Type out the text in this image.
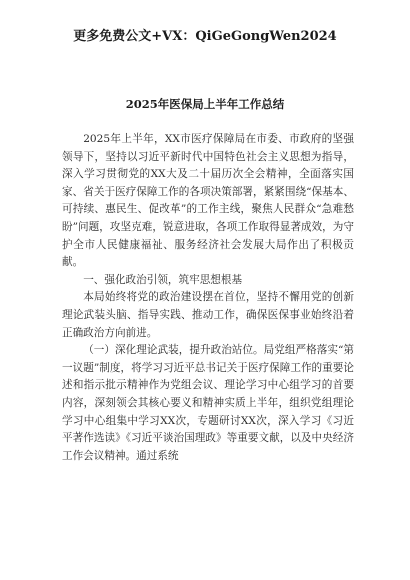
更多免费公文+VX：QiGeGongWen2024
2025年医保局上半年工作总结

2025年上半年，XX市医疗保障局在市委、市政府的坚强领导下，坚持以习近平新时代中国特色社会主义思想为指导，深入学习贯彻党的XX大及二十届历次全会精神，全面落实国家、省关于医疗保障工作的各项决策部署，紧紧围绕“保基本、可持续、惠民生、促改革”的工作主线，聚焦人民群众“急难愁盼”问题，攻坚克难，锐意进取，各项工作取得显著成效，为守护全市人民健康福祉、服务经济社会发展大局作出了积极贡献。

一、强化政治引领，筑牢思想根基

本局始终将党的政治建设摆在首位，坚持不懈用党的创新理论武装头脑、指导实践、推动工作，确保医保事业始终沿着正确政治方向前进。

（一）深化理论武装，提升政治站位。局党组严格落实“第一议题”制度，将学习习近平总书记关于医疗保障工作的重要论述和指示批示精神作为党组会议、理论学习中心组学习的首要内容，深刻领会其核心要义和精神实质上半年，组织党组理论学习中心组集中学习XX次，专题研讨XX次，深入学习《习近平著作选读》《习近平谈治国理政》等重要文献，以及中央经济工作会议精神。通过系统
